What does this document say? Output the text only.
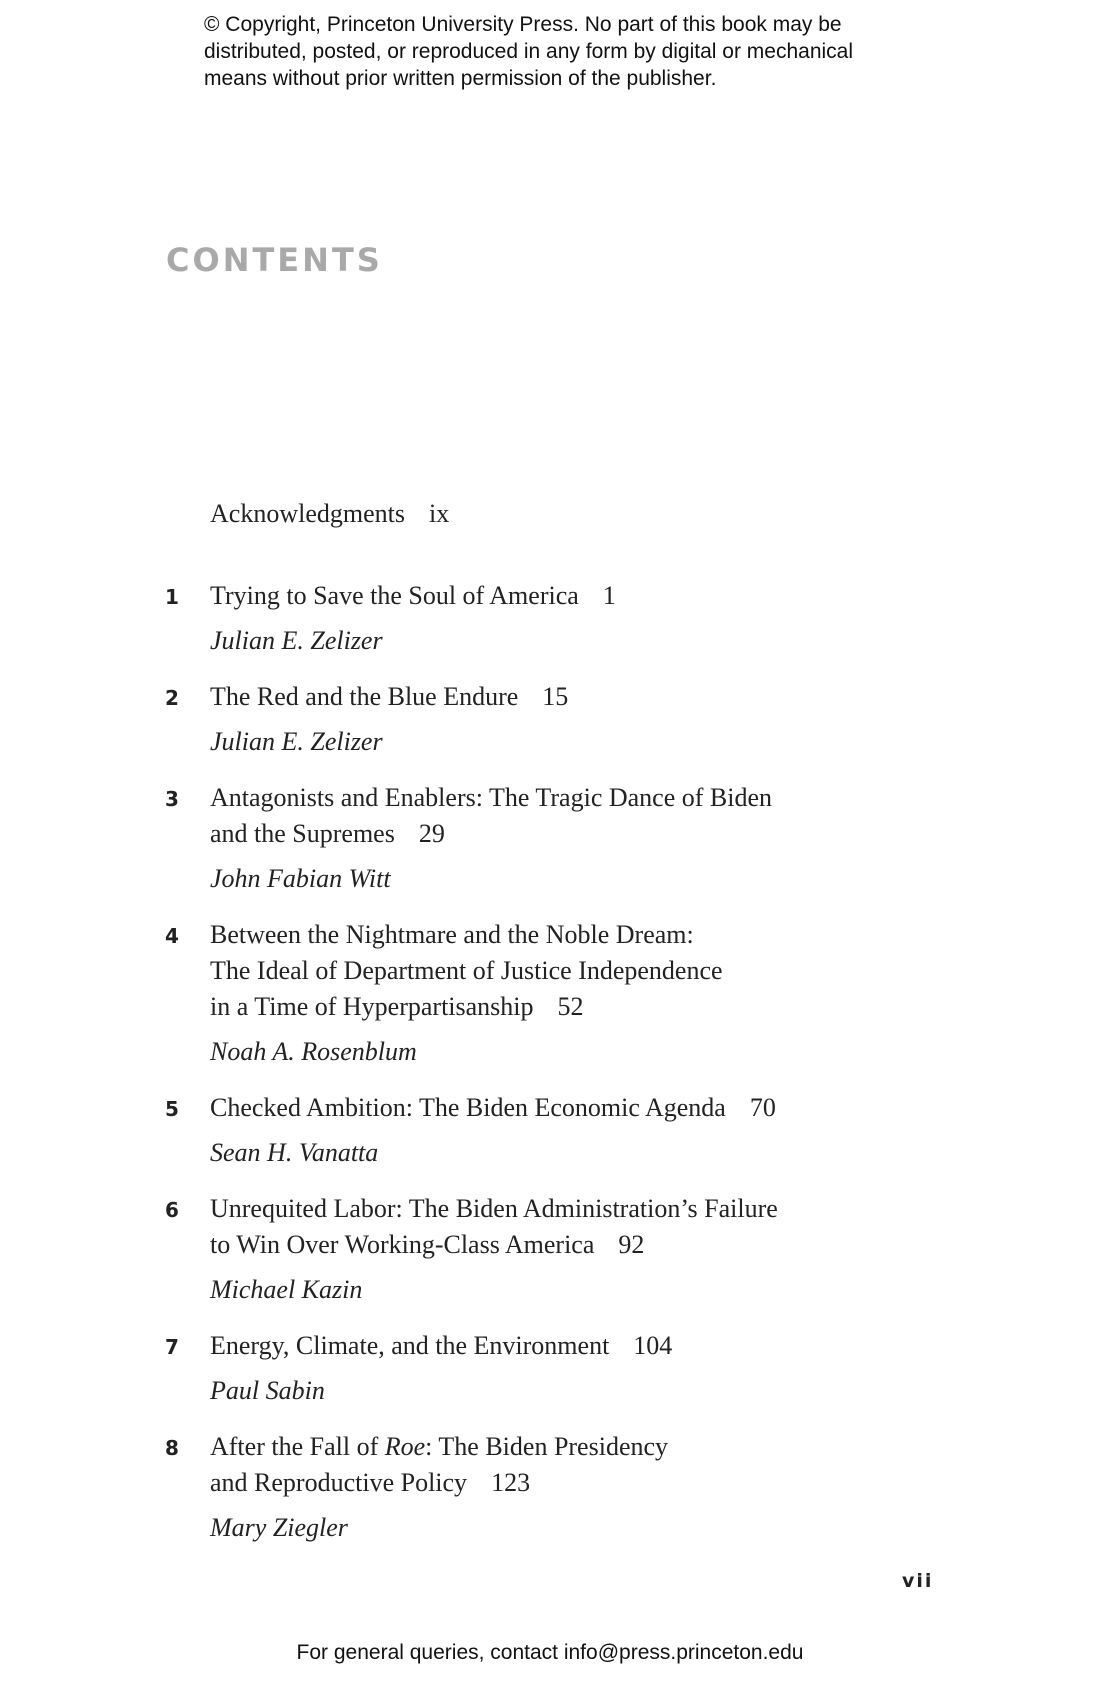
© Copyright, Princeton University Press. No part of this book may be
distributed, posted, or reproduced in any form by digital or mechanical
means without prior written permission of the publisher.
CONTENTS
Acknowledgments ix
1 Trying to Save the Soul of America 1
Julian E. Zelizer
2 The Red and the Blue Endure 15
Julian E. Zelizer
3 Antagonists and Enablers: The Tragic Dance of Biden
and the Supremes 29
John Fabian Witt
4 Between the Nightmare and the Noble Dream:
The Ideal of Department of Justice Independence
in a Time of Hyperpartisanship 52
Noah A. Rosenblum
5 Checked Ambition: The Biden Economic Agenda 70
Sean H. Vanatta
6 Unrequited Labor: The Biden Administration’s Failure
to Win Over Working-Class America 92
Michael Kazin
7 Energy, Climate, and the Environment 104
Paul Sabin
8 After the Fall of Roe: The Biden Presidency
and Reproductive Policy 123
Mary Ziegler
vii
For general queries, contact info@press.princeton.edu
